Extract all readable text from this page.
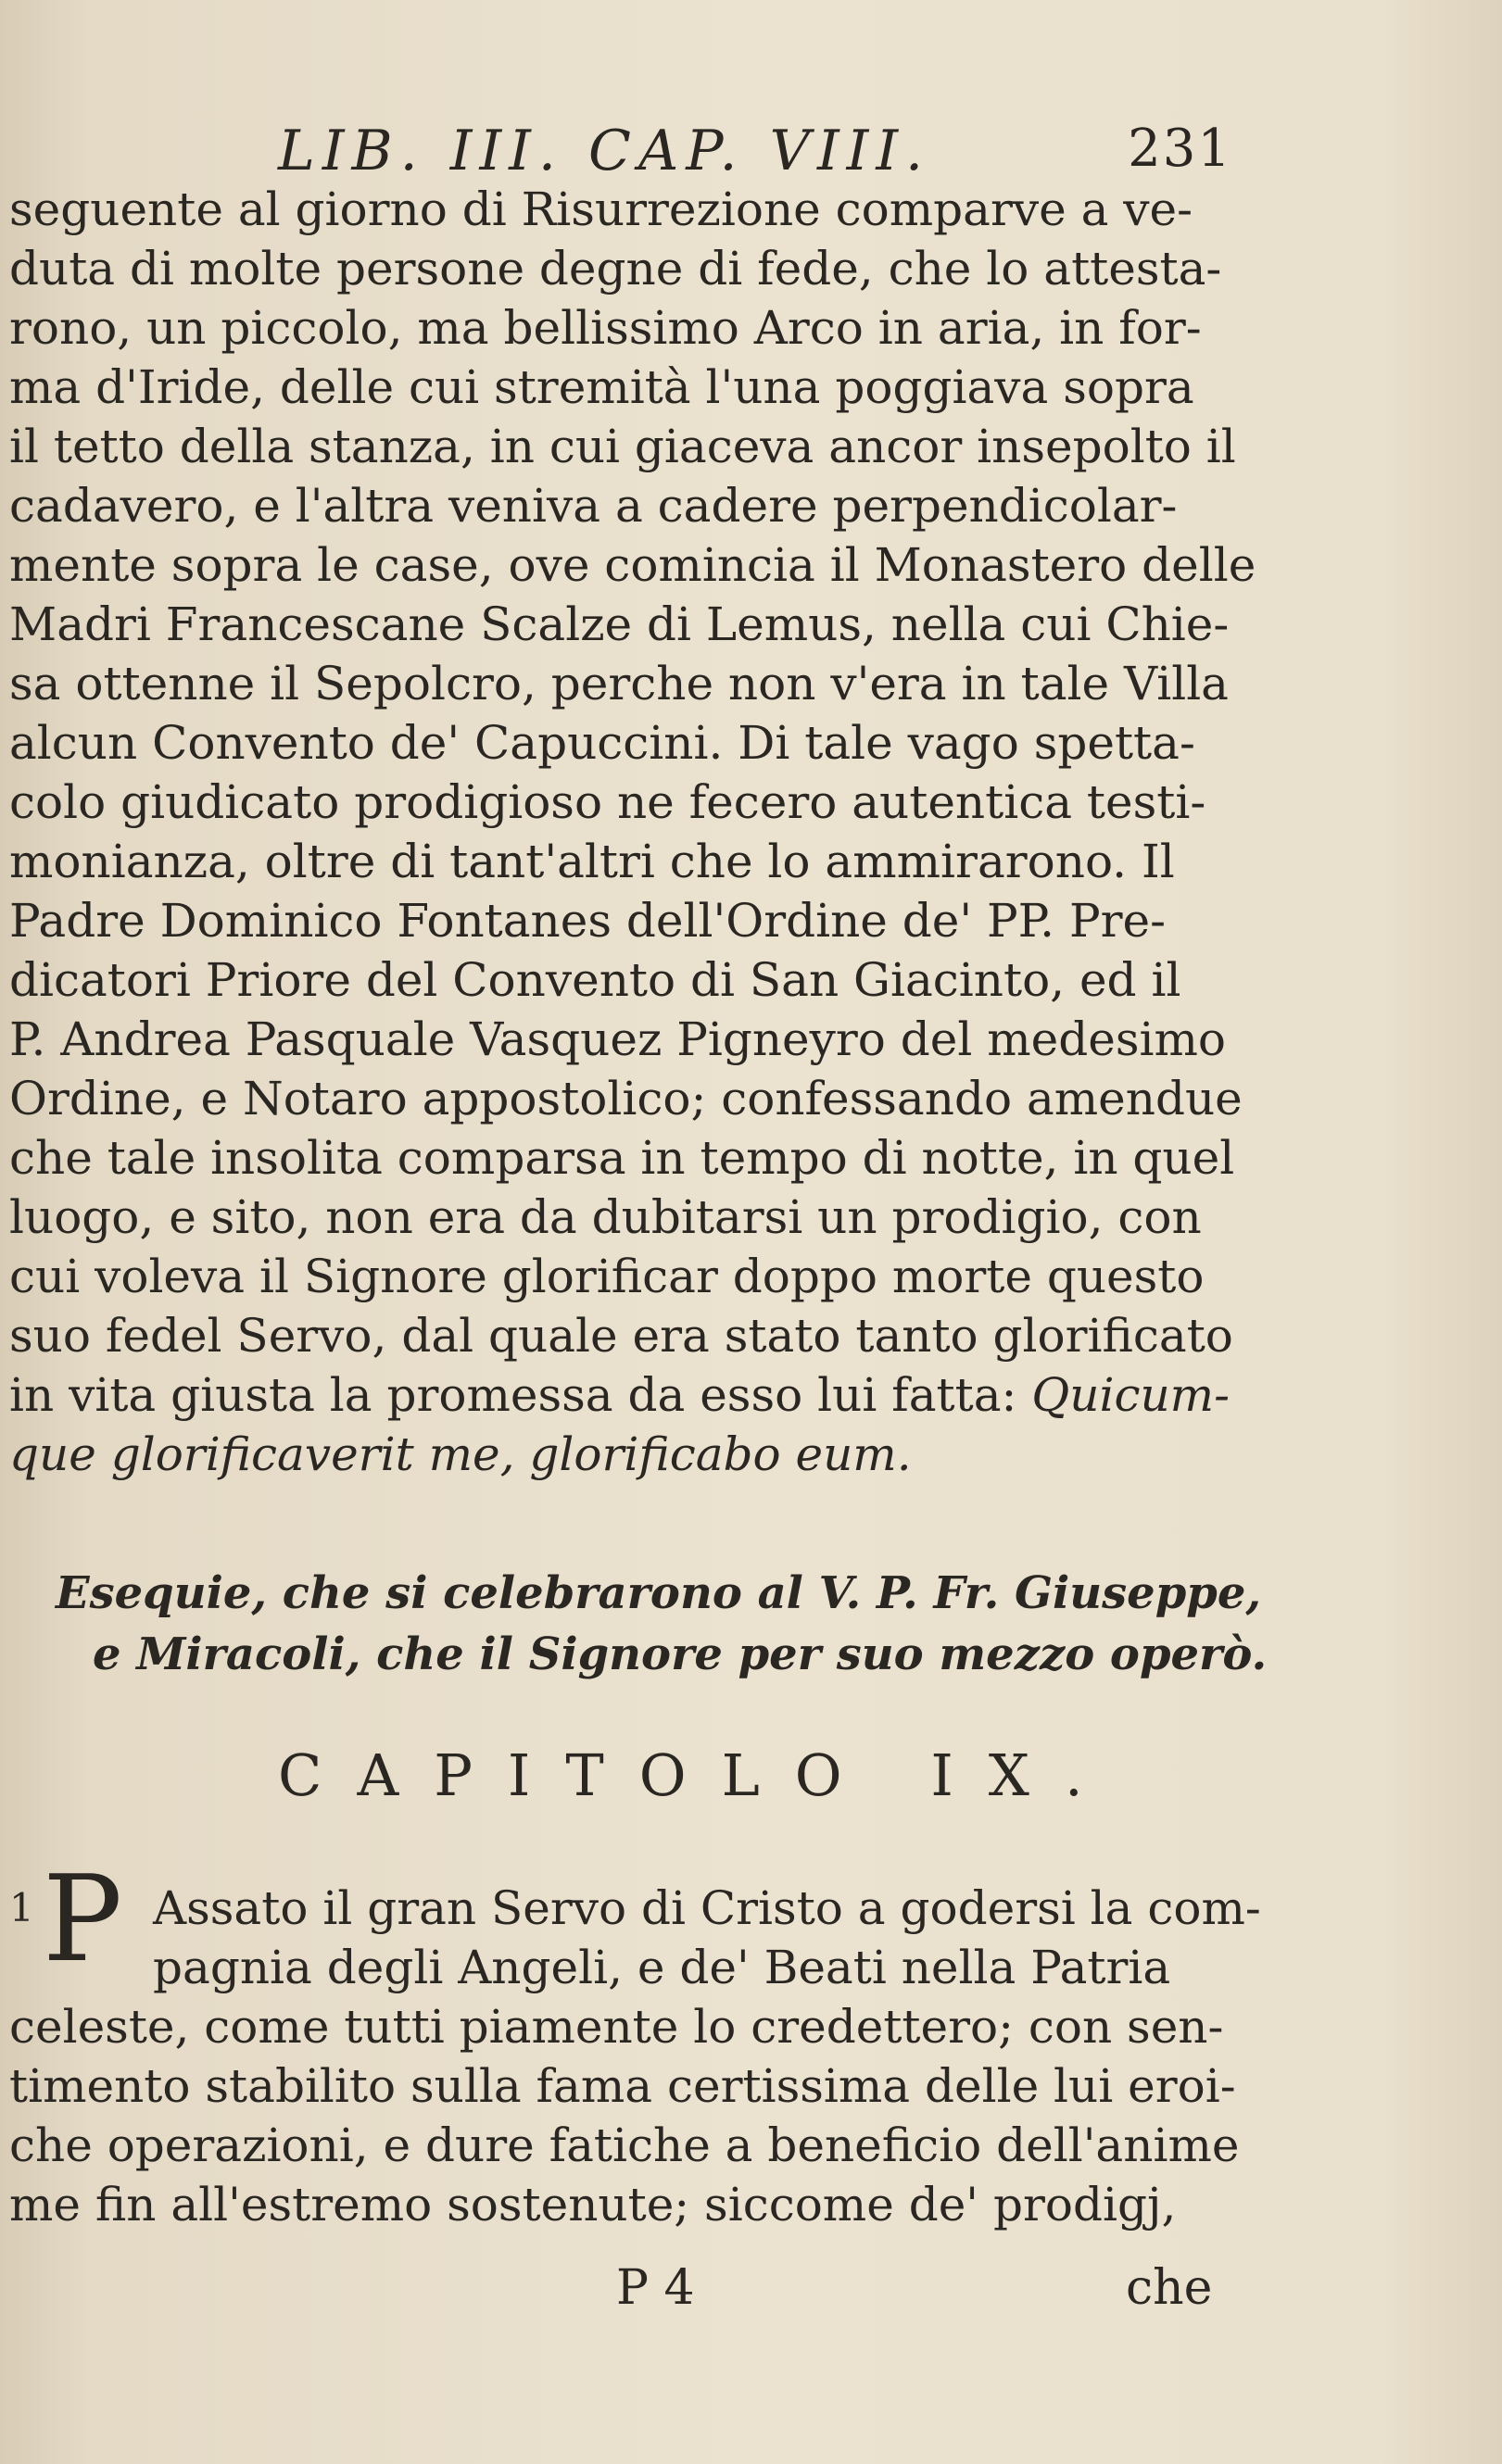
LIB. III. CAP. VIII.	231
seguente al giorno di Risurrezione comparve a ve-
duta di molte persone degne di fede, che lo attesta-
rono, un piccolo, ma bellissimo Arco in aria, in for-
ma d'Iride, delle cui stremità l'una poggiava sopra
il tetto della stanza, in cui giaceva ancor insepolto il
cadavero, e l'altra veniva a cadere perpendicolar-
mente sopra le case, ove comincia il Monastero delle
Madri Francescane Scalze di Lemus, nella cui Chie-
sa ottenne il Sepolcro, perche non v'era in tale Villa
alcun Convento de' Capuccini. Di tale vago spetta-
colo giudicato prodigioso ne fecero autentica testi-
monianza, oltre di tant'altri che lo ammirarono. Il
Padre Dominico Fontanes dell'Ordine de' PP. Pre-
dicatori Priore del Convento di San Giacinto, ed il
P. Andrea Pasquale Vasquez Pigneyro del medesimo
Ordine, e Notaro appostolico; confessando amendue
che tale insolita comparsa in tempo di notte, in quel
luogo, e sito, non era da dubitarsi un prodigio, con
cui voleva il Signore glorificar doppo morte questo
suo fedel Servo, dal quale era stato tanto glorificato
in vita giusta la promessa da esso lui fatta: Quicum-
que glorificaverit me, glorificabo eum.
Esequie, che si celebrarono al V. P. Fr. Giuseppe,
e Miracoli, che il Signore per suo mezzo operò.
CAPITOLO IX.
1 P Assato il gran Servo di Cristo a godersi la com-
pagnia degli Angeli, e de' Beati nella Patria
celeste, come tutti piamente lo credettero; con sen-
timento stabilito sulla fama certissima delle lui eroi-
che operazioni, e dure fatiche a beneficio dell'anime
me fin all'estremo sostenute; siccome de' prodigj,
P 4	che
